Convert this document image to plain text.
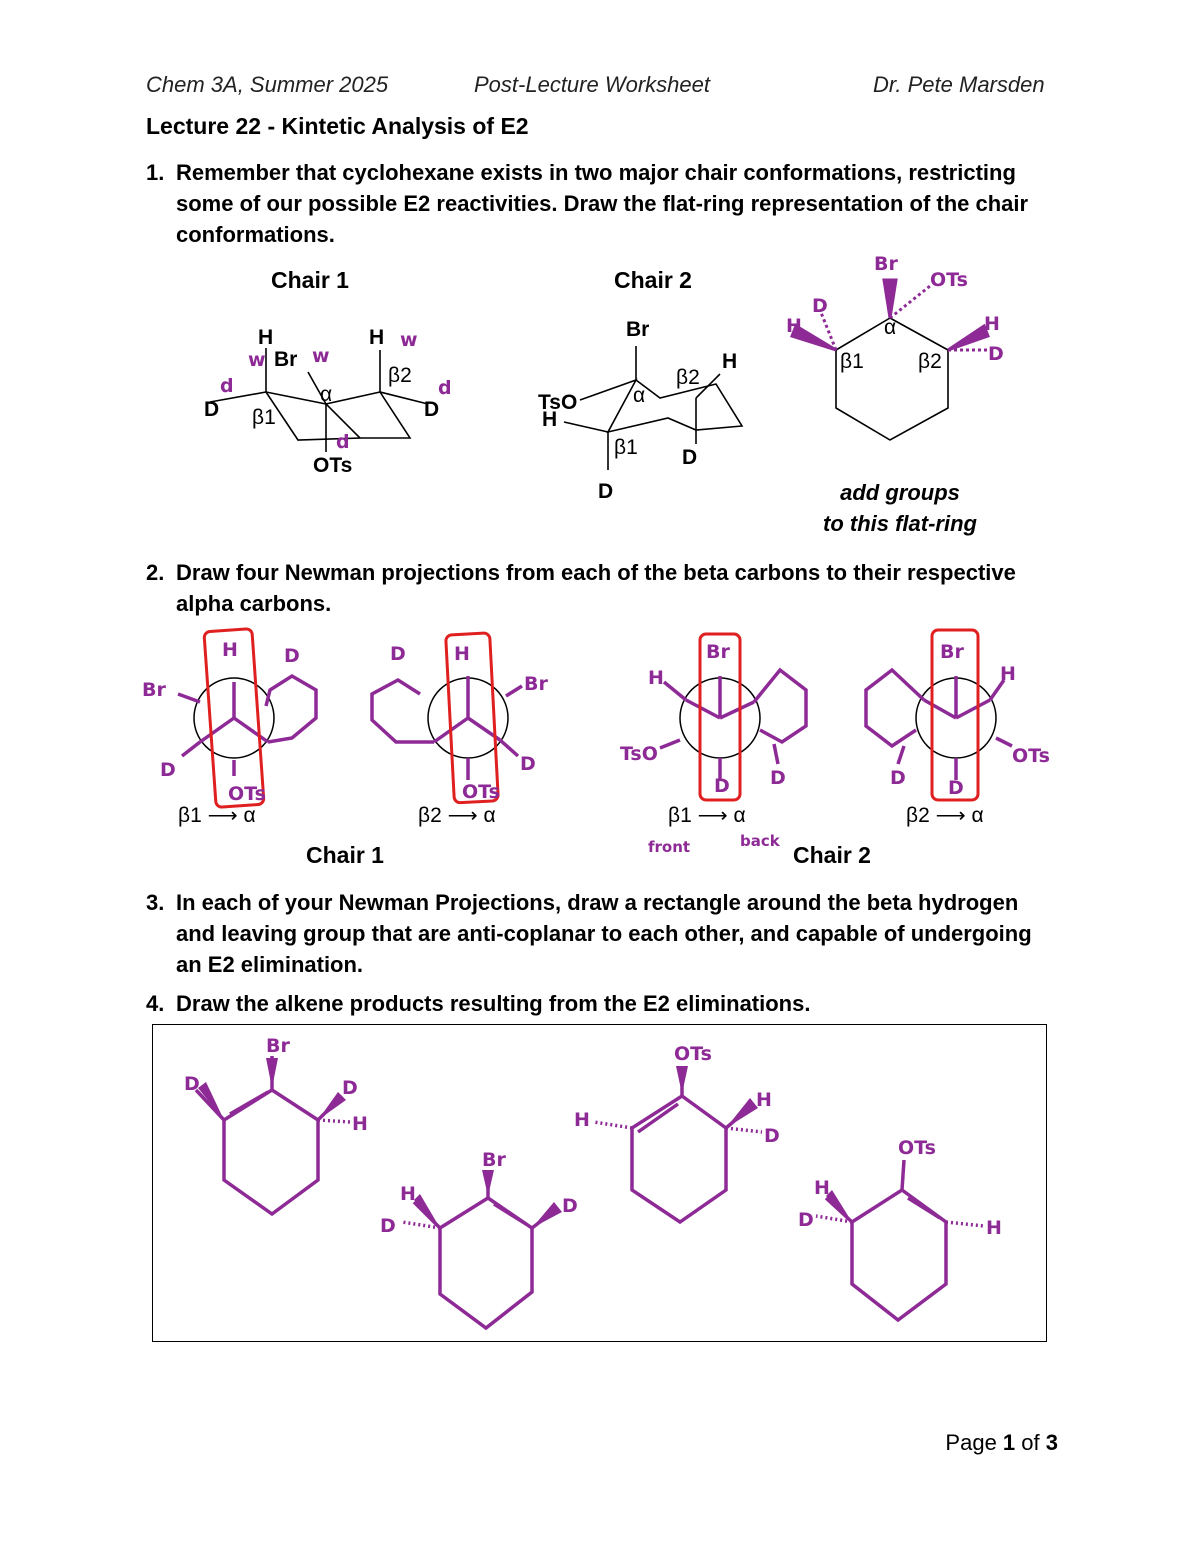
Chem 3A, Summer 2025	Post-Lecture Worksheet	Dr. Pete Marsden
Lecture 22 - Kintetic Analysis of E2
1. Remember that cyclohexane exists in two major chair conformations, restricting some of our possible E2 reactivities. Draw the flat-ring representation of the chair conformations.
Chair 1	Chair 2
H
Br
H
D	D
α
β1
β2
OTs
w w
w
d	d
d
Br
H
β2
TsO
H
α
β1 D
D
Br
OTs
D
H	H
D
α
β1	β2
add groups
to this flat-ring
2. Draw four Newman projections from each of the beta carbons to their respective alpha carbons.
H D
Br
D
OTs
D	H
Br
D
OTs
H
Br
TsO
D D
Br
H
OTs
D D
β1 ⟶ α	β2 ⟶ α	β1 ⟶ α	β2 ⟶ α
front	back
Chair 1	Chair 2
3. In each of your Newman Projections, draw a rectangle around the beta hydrogen and leaving group that are anti-coplanar to each other, and capable of undergoing an E2 elimination.
4. Draw the alkene products resulting from the E2 eliminations.
Br
D	D
H
Br
D
H
D
OTs
H
H
D
OTs
H
D	H
Page 1 of 3
